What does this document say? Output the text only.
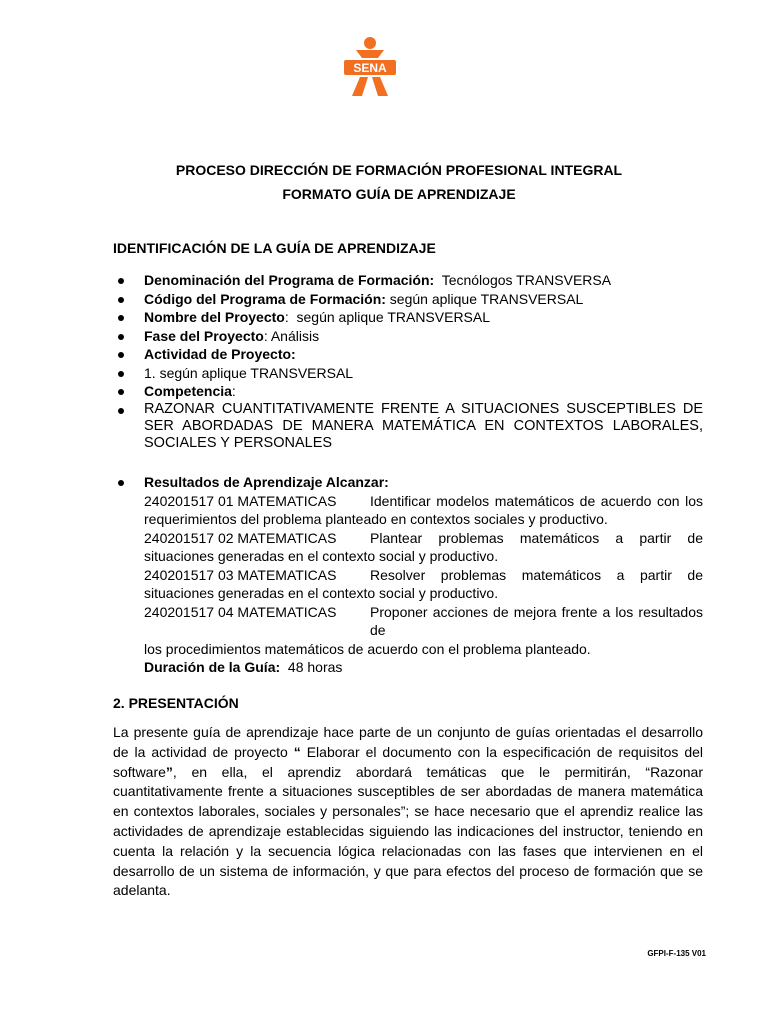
SENA
PROCESO DIRECCIÓN DE FORMACIÓN PROFESIONAL INTEGRAL
FORMATO GUÍA DE APRENDIZAJE
IDENTIFICACIÓN DE LA GUÍA DE APRENDIZAJE
Denominación del Programa de Formación:  Tecnólogos TRANSVERSA
Código del Programa de Formación: según aplique TRANSVERSAL
Nombre del Proyecto:  según aplique TRANSVERSAL
Fase del Proyecto: Análisis
Actividad de Proyecto:
1. según aplique TRANSVERSAL
Competencia:
RAZONAR CUANTITATIVAMENTE FRENTE A SITUACIONES SUSCEPTIBLES DE SER ABORDADAS DE MANERA MATEMÁTICA EN CONTEXTOS LABORALES, SOCIALES Y PERSONALES
Resultados de Aprendizaje Alcanzar:
240201517 01 MATEMATICAS	Identificar modelos matemáticos de acuerdo con los
requerimientos del problema planteado en contextos sociales y productivo.
240201517 02 MATEMATICAS	Plantear problemas matemáticos a partir de
situaciones generadas en el contexto social y productivo.
240201517 03 MATEMATICAS	Resolver problemas matemáticos a partir de
situaciones generadas en el contexto social y productivo.
240201517 04 MATEMATICAS	Proponer acciones de mejora frente a los resultados de
los procedimientos matemáticos de acuerdo con el problema planteado.
Duración de la Guía:  48 horas
2. PRESENTACIÓN

La presente guía de aprendizaje hace parte de un conjunto de guías orientadas el desarrollo de la actividad de proyecto “ Elaborar el documento con la especificación de requisitos del software”, en ella, el aprendiz abordará temáticas que le permitirán, “Razonar cuantitativamente frente a situaciones susceptibles de ser abordadas de manera matemática en contextos laborales, sociales y personales”; se hace necesario que el aprendiz realice las actividades de aprendizaje establecidas siguiendo las indicaciones del instructor, teniendo en cuenta la relación y la secuencia lógica relacionadas con las fases que intervienen en el desarrollo de un sistema de información, y que para efectos del proceso de formación que se adelanta.

GFPI-F-135 V01
